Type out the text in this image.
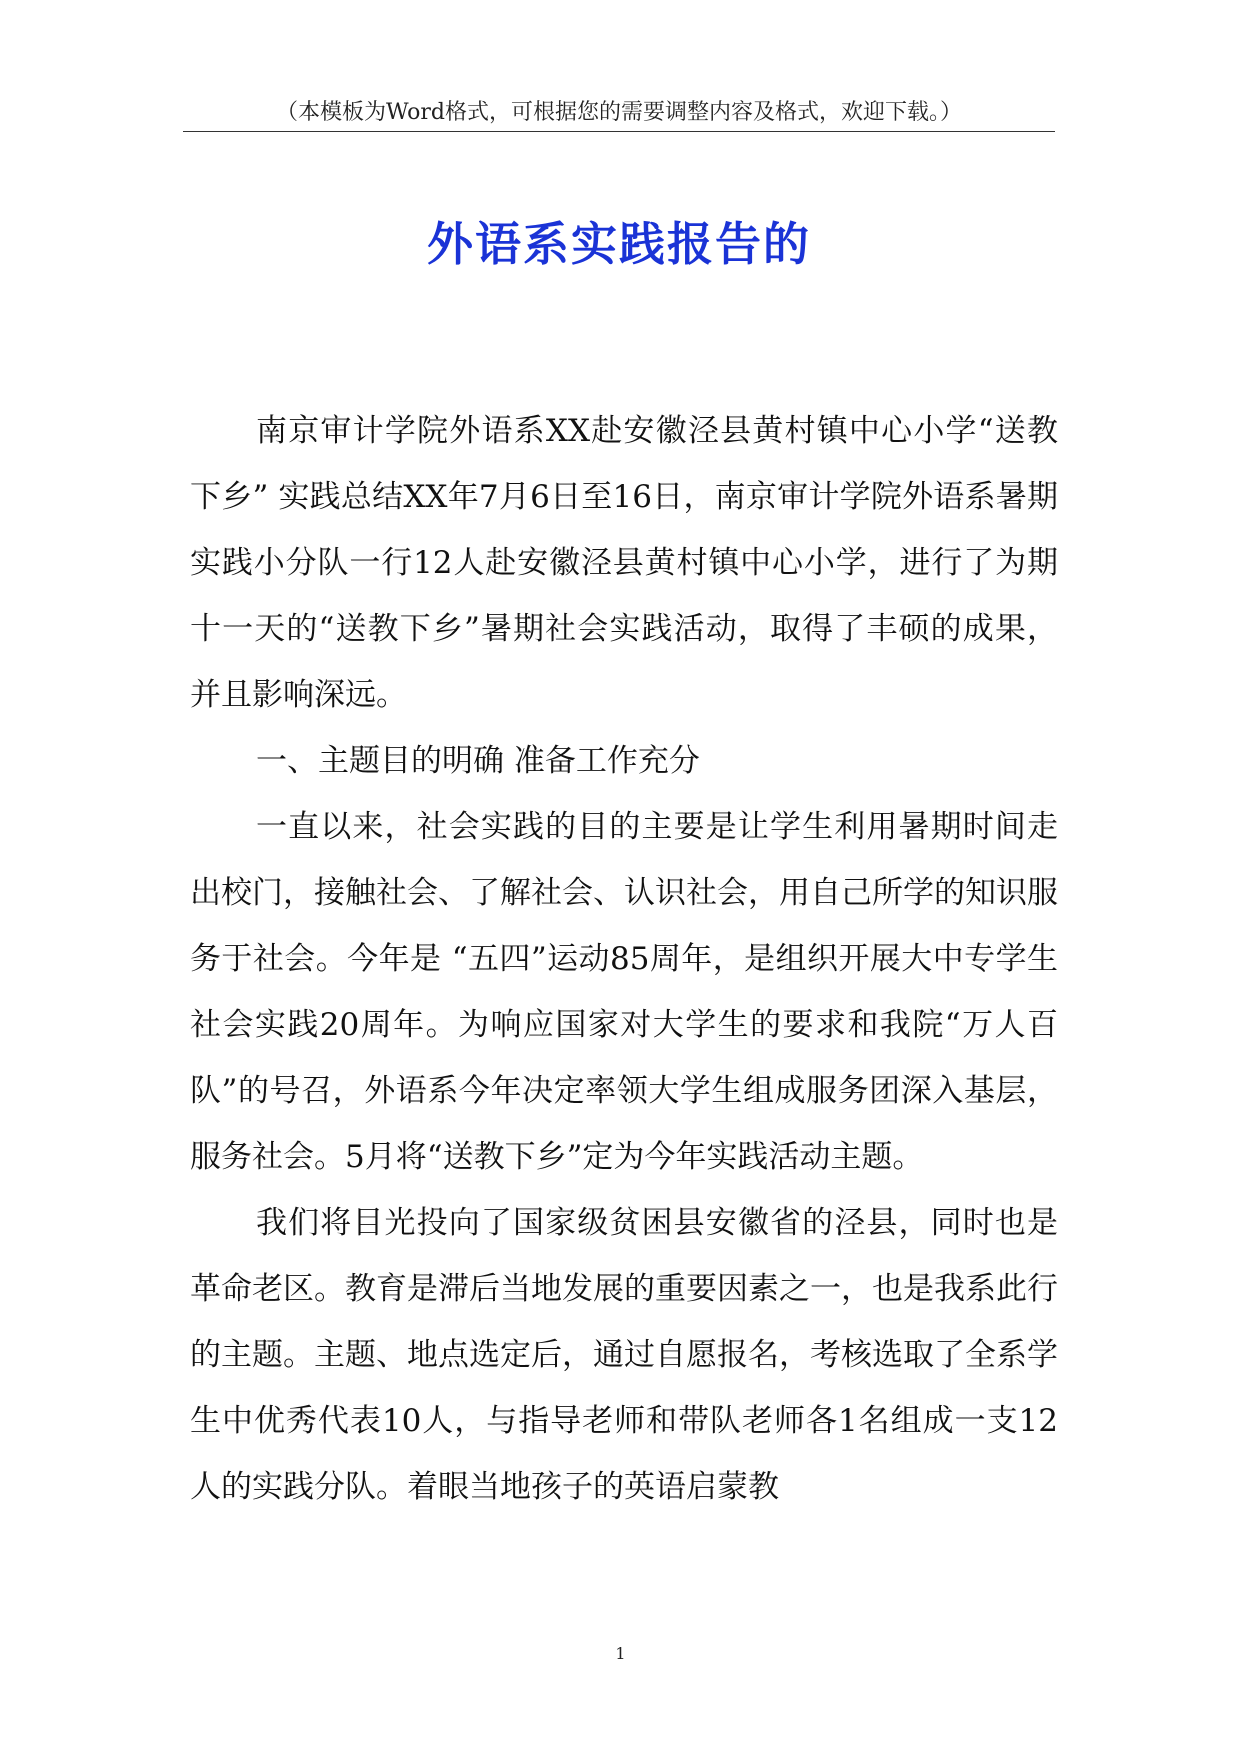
（本模板为Word格式，可根据您的需要调整内容及格式，欢迎下载。）
外语系实践报告的

南京审计学院外语系XX赴安徽泾县黄村镇中心小学“送教下乡” 实践总结XX年7月6日至16日，南京审计学院外语系暑期实践小分队一行12人赴安徽泾县黄村镇中心小学，进行了为期十一天的“送教下乡”暑期社会实践活动，取得了丰硕的成果，并且影响深远。

一、主题目的明确 准备工作充分

一直以来，社会实践的目的主要是让学生利用暑期时间走出校门，接触社会、了解社会、认识社会，用自己所学的知识服务于社会。今年是 “五四”运动85周年，是组织开展大中专学生社会实践20周年。为响应国家对大学生的要求和我院“万人百队”的号召，外语系今年决定率领大学生组成服务团深入基层，服务社会。5月将“送教下乡”定为今年实践活动主题。

我们将目光投向了国家级贫困县安徽省的泾县，同时也是革命老区。教育是滞后当地发展的重要因素之一，也是我系此行的主题。主题、地点选定后，通过自愿报名，考核选取了全系学生中优秀代表10人，与指导老师和带队老师各1名组成一支12人的实践分队。着眼当地孩子的英语启蒙教

1
